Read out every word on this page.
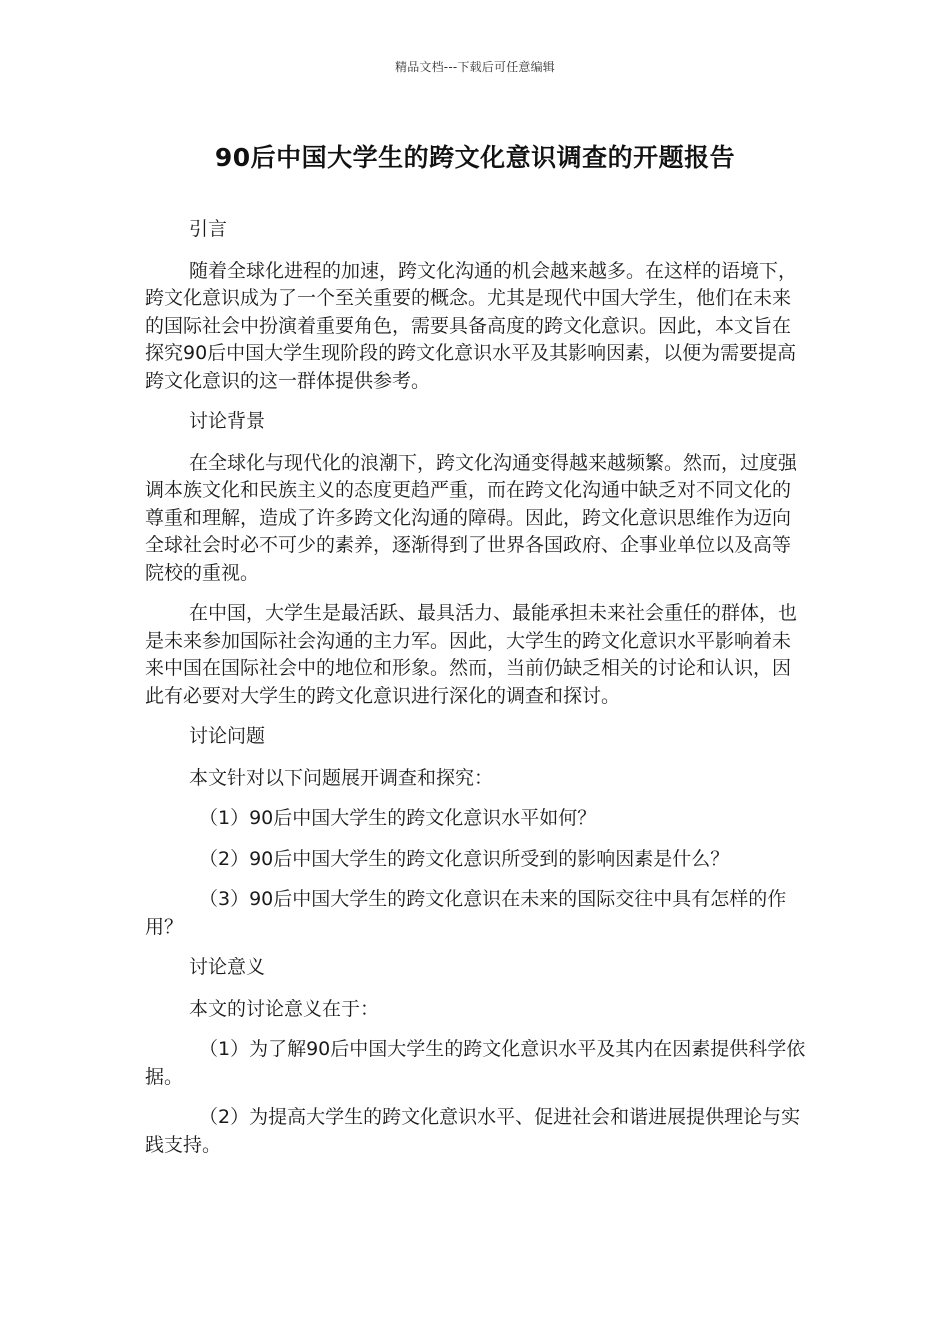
精品文档---下载后可任意编辑
90后中国大学生的跨文化意识调查的开题报告

引言

随着全球化进程的加速，跨文化沟通的机会越来越多。在这样的语境下，跨文化意识成为了一个至关重要的概念。尤其是现代中国大学生，他们在未来的国际社会中扮演着重要角色，需要具备高度的跨文化意识。因此，本文旨在探究90后中国大学生现阶段的跨文化意识水平及其影响因素，以便为需要提高跨文化意识的这一群体提供参考。

讨论背景

在全球化与现代化的浪潮下，跨文化沟通变得越来越频繁。然而，过度强调本族文化和民族主义的态度更趋严重，而在跨文化沟通中缺乏对不同文化的尊重和理解，造成了许多跨文化沟通的障碍。因此，跨文化意识思维作为迈向全球社会时必不可少的素养，逐渐得到了世界各国政府、企事业单位以及高等院校的重视。

在中国，大学生是最活跃、最具活力、最能承担未来社会重任的群体，也是未来参加国际社会沟通的主力军。因此，大学生的跨文化意识水平影响着未来中国在国际社会中的地位和形象。然而，当前仍缺乏相关的讨论和认识，因此有必要对大学生的跨文化意识进行深化的调查和探讨。

讨论问题

本文针对以下问题展开调查和探究：

（1）90后中国大学生的跨文化意识水平如何？

（2）90后中国大学生的跨文化意识所受到的影响因素是什么？

（3）90后中国大学生的跨文化意识在未来的国际交往中具有怎样的作用？

讨论意义

本文的讨论意义在于：

（1）为了解90后中国大学生的跨文化意识水平及其内在因素提供科学依据。

（2）为提高大学生的跨文化意识水平、促进社会和谐进展提供理论与实践支持。
